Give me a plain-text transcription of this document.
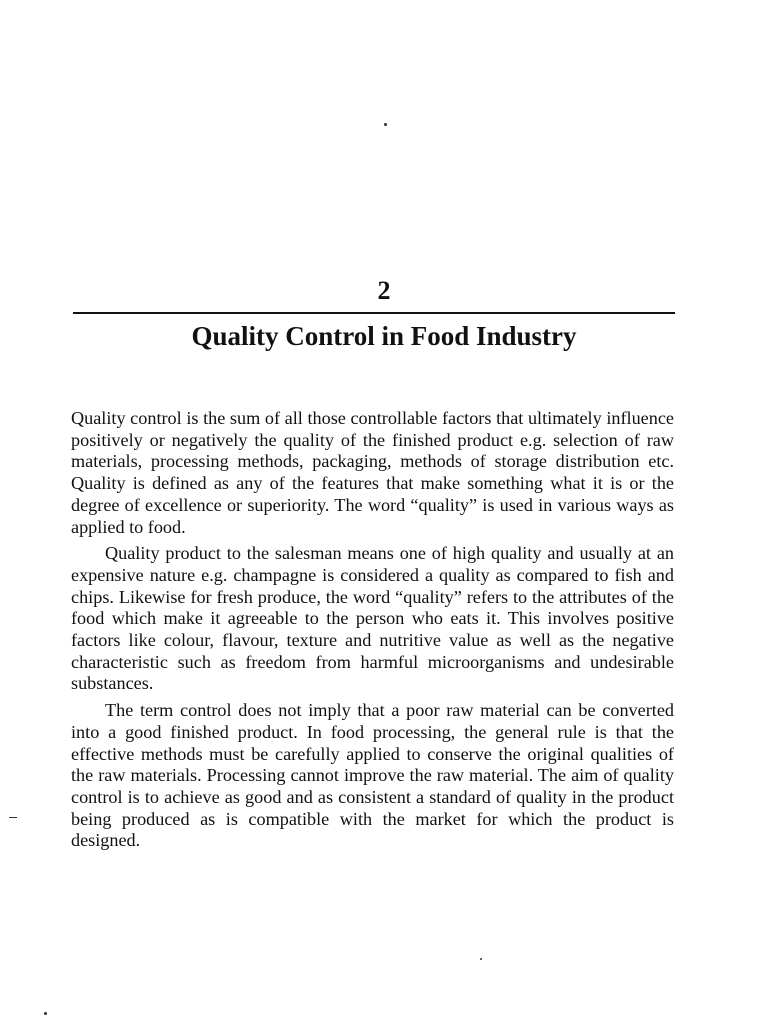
2
Quality Control in Food Industry

Quality control is the sum of all those controllable factors that ultimately influence positively or negatively the quality of the finished product e.g. selection of raw materials, processing methods, packaging, methods of storage distribution etc. Quality is defined as any of the features that make something what it is or the degree of excellence or superiority. The word “quality” is used in various ways as applied to food.

Quality product to the salesman means one of high quality and usually at an expensive nature e.g. champagne is considered a quality as compared to fish and chips. Likewise for fresh produce, the word “quality” refers to the attributes of the food which make it agreeable to the person who eats it. This involves positive factors like colour, flavour, texture and nutritive value as well as the negative characteristic such as freedom from harmful microorganisms and undesirable substances.

The term control does not imply that a poor raw material can be converted into a good finished product. In food processing, the general rule is that the effective methods must be carefully applied to conserve the original qualities of the raw materials. Processing cannot improve the raw material. The aim of quality control is to achieve as good and as consistent a standard of quality in the product being produced as is compatible with the market for which the product is designed.
